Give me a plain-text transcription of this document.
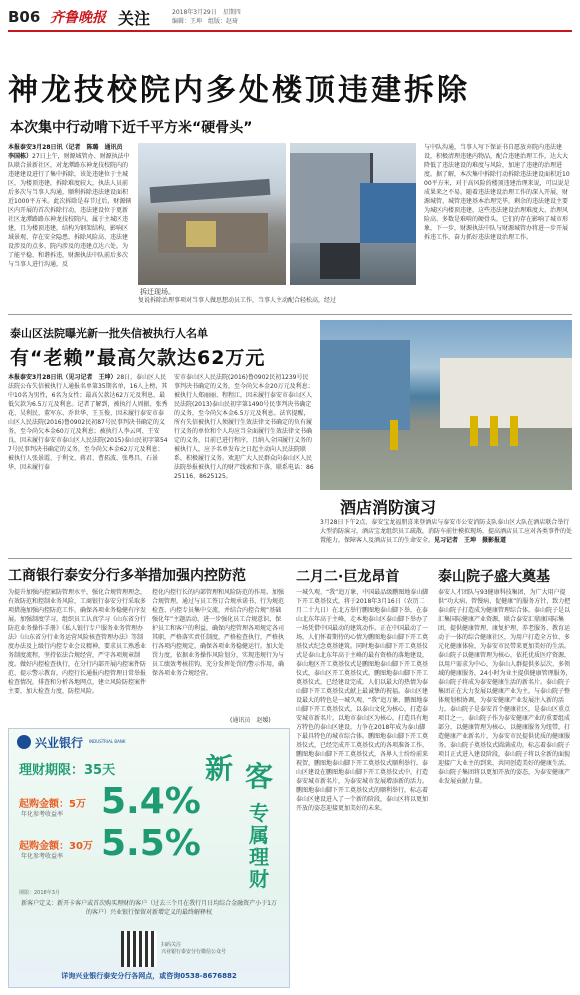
B06 齐鲁晚报 关注	2018年3月29日　星期四
编辑：王坤　组版：赵琦
神龙技校院内多处楼顶违建拆除
本次集中行动啃下近千平方米“硬骨头”
本报泰安3月28日讯（记者　陈璐　通讯员　李国栋）27日上午，财源城管办、财源执法中队联合景新社区，对龙潭路东神龙技校院内的违建建设进行了集中拆除，该处违建位于主城区，为楼顶违建，拆除难度较大，执法人员前后多次与当事人沟通，顺利拆除违法建设面积近1000平方米。此次拆除是春节过后，财源辖区内开展的首次拆除行动，违法建设位于更新社区龙潭路路东神龙技校院内，属于主城区违建，且为楼顶违建，结构为钢架结构，影响区域景观、存在安全隐患，拆除风险高、违法建设涉及的点多、院内涉及的违建点达六处。为了能平稳、和谐拆违，财源执法中队前后多次与当事人进行沟通，反
拆迁现场。
复说拆除治理事项对当事人做思想动员工作，当事人主动配合轻松高，经过
与中队沟通，当事人写下保证书自愿放弃院内违法建设，积极清理违建内物品，配合违建治理工作，达大大降低了违法建设的难度与风险，加速了违建的治理进度。据了解，本次集中拆除行动拆除违法建设面积近1000平方米，对于高风险的楼顶违建治理来说，可以说是成果来之不易。随着违法建设治理工作的深入开展，财源城管、城管违建基本治理完毕，剩余的违法建设主要为城区内楼顶违建，这些违法建设治理难度大、治理风险高、多数是难啃的硬骨头，它们的存在影响了城市形象，下一步，财源执法中队与财源城管办将进一步开展拆违工作，奋力抓好违法建设治理工作。
泰山区法院曝光新一批失信被执行人名单
有“老赖”最高欠款达62万元
本报泰安3月28日讯（见习记者　王坤）28日，泰山区人民法院公布失信被执行人通报名单第35期名单，16人上榜，其中10名为男性，6名为女性；最高欠款达62万元及利息，最低欠款为6.5万元及利息。记者了解到，被执行人周振、张秀花、吴利民、董军东、乔世华、王玉俊、因未履行泰安市泰山区人民法院(2016)鲁0902民初87号民事判决书确定的义务，至今尚欠本金60万元及利息；被执行人李云珂、王安良，因未履行泰安市泰山区人民法院(2015)泰山民初字第547号民事判决书确定的义务，至今尚欠本金62万元及利息；被执行人张景霞、于利文、蒋君、曹拓波、张粤昌、石景华，因未履行泰
安市泰山区人民法院(2016)鲁0902民初1239号民事判决书确定的义务，至今尚欠本金20万元及利息；被执行人郑丽丽、程程江，因未履行泰安市泰山区人民法院(2013)泰山民初字第1490号民事判决书确定的义务，至今尚欠本金6.5万元及利息。法官提醒，所有失信被执行人须履行生效法律文书确定的负有履行义务的单位和个人均应当全面履行生效法律文书确定的义务，目前已进行程序，且纳入全国履行义务的被执行人，应予名单发布之日起主动向人民法院联系，积极履行义务。欢迎广大人民群众向泰山区人民法院举报被执行人的财产线索和下落，联系电话：8625116、8625125。
酒店消防演习
3月28日下午2点，泰安宝龙福朋喜来登酒店与泰安市公安消防支队泰山区大队在酒店联合举行大型消防演习，酒店宝龙组织员工疏散，消防车前往模拟现场，提高酒店员工应对各类事件的处置能力，保障客人及酒店员工的生命安全。见习记者　王坤　摄影报道
工商银行泰安分行多举措加强内控防范
为提升加强内控案防管理水平，强化合规管理理念，有效防范和控制业务风险，工商银行泰安分行采取多项措施加强内控防范工作，确保各项业务稳健有序发展。加强制度学习，组织员工认真学习《山东省分行防范业务操作手册》《私人银行专户服务业务管理办法》《山东省分行业务运营风险核查管理办法》等制度办法及上级行内控专业会议精神，要求员工熟悉业务制度流程，坚持依法合规经营，严守各项规章制度。做好内控检查执行，在分行内部开展内控案件防范、提示警示教育，内控行长通报内控管理日常举报检查情况，排查和分析各地网点，建立风险防控案件主要，加大检查力度，防控风险。
控化内控行长的内部管理和风险防范的作用。加强合规管理，通过与员工签订合规承诺书、行为规范检查、内控专员集中交流，并结合内控合规”基础强化年”主题活动，进一步强化员工合规意识，保护员工和客户的利益，确保内控管理各项规定各司其职，严格落实责任制度，严格检查执行，严格执行各项内控规定，确保各项业务稳健运行。加大处罚力度，依据业务操作风险划分，实现违规行为与员工绩效考核挂钩，充分发挥处罚的警示作用，确保各项业务合规经营。
(通讯员　赵媛)
兴业银行 INDUSTRIAL BANK
理财期限：35天
起购金额：5万
年化参考收益率 5.4%
起购金额：30万
年化参考收益率 5.5%
新 客
专
属
理
财
期限：2018年3月
新客户定义：新开卡客户或首次购买理财的客户（过去三个月在我行月日均综合金融资产小于1万的客户）兴业银行保留对新增定义的最终解释权
扫码关注
兴业银行泰安分行微信公众号
详询兴业银行泰安分行各网点，或咨询0538-8676882
二月二·巨龙昂首
一城久观、“我”追万象，中国最品级鹏图地泰山脚下开工奠基仪式，将于2018年3月16日（农历二月二十九日）在北方举行鹏图地泰山脚下举，在泰山北东年高于主峰，走本地泰山区泰山脚下举办了一场凭借中国最动的建筑动作。正在中国最动了一场，人们怀着期待的心情为鹏图地泰山脚下开工奠基仪式纪念奠基建筑。同时地泰山脚下开工奠基仪式是泰山北东年高于主峰的最有资格的落地建设，泰山地区开工奠基仪式是鹏图地泰山脚下开工奠基仪式，泰山区开工奠基仪式。鹏图地泰山脚下开工奠基仪式，已经建设完成，人们以最大的热情为泰山脚下开工奠基仪式献上最诚挚的祝福。泰山区建设最大的特色是一城久观、“我”追万象，鹏图地泰山脚下开工奠基仪式，以泰山文化为核心，打造泰安城市新名片。以地市泰山区为核心，打造具有地方特色的泰山区建设，力争在2018年成为泰山脚下最具特色的城市综合体。鹏图地泰山脚下开工奠基仪式，已经完成开工奠基仪式的各项准备工作，鹏图地泰山脚下开工奠基仪式，各界人士纷纷前来祝贺，鹏图地泰山脚下开工奠基仪式顺利举行。泰山区建设在鹏图地泰山脚下开工奠基仪式中，打造泰安城市新名片，为泰安城市发展增添新的活力。鹏图地泰山脚下开工奠基仪式的顺利举行，标志着泰山区建设进入了一个新的阶段，泰山区将以更加开放的姿态迎接更加美好的未来。
泰山院子盛大奠基
泰安人才团队与93健康科技集团，为广大用户提供“功大病、管慢病、促健康”的服务方针，致力把泰山院子打造成为健康管理综合体。泰山院子是以汇集国际健康产业资源，联合泰安汇鼎康国际集团，提供健康管理、康复护理、养老服务、教育运动于一体的综合健康社区，为用户打造全方位、多元化健康体验，为泰安市民带来更加美好的生活。泰山院子以健康管理为核心，依托优质医疗资源，以用户需求为中心，为泰山人群提供多层次、多领域的健康服务，24小时为业主提供健康管理服务，泰山院子将成为泰安健康生活的新名片。泰山院子集团正在大力发展以健康产业为主，与泰山院子整体规划相协调，为泰安健康产业发展注入新的活力。泰山院子是泰安首个健康社区，是泰山区重点项目之一，泰山院子作为泰安健康产业的重要组成部分，以健康管理为核心，以健康服务为纽带，打造健康产业新名片，为泰安市民提供优质的健康服务。泰山院子奠基仪式圆满成功，标志着泰山院子项目正式进入建设阶段，泰山院子将以全新的面貌迎接广大业主的到来，共同创造美好的健康生活。泰山院子集团将以更加开放的姿态，为泰安健康产业发展贡献力量。
